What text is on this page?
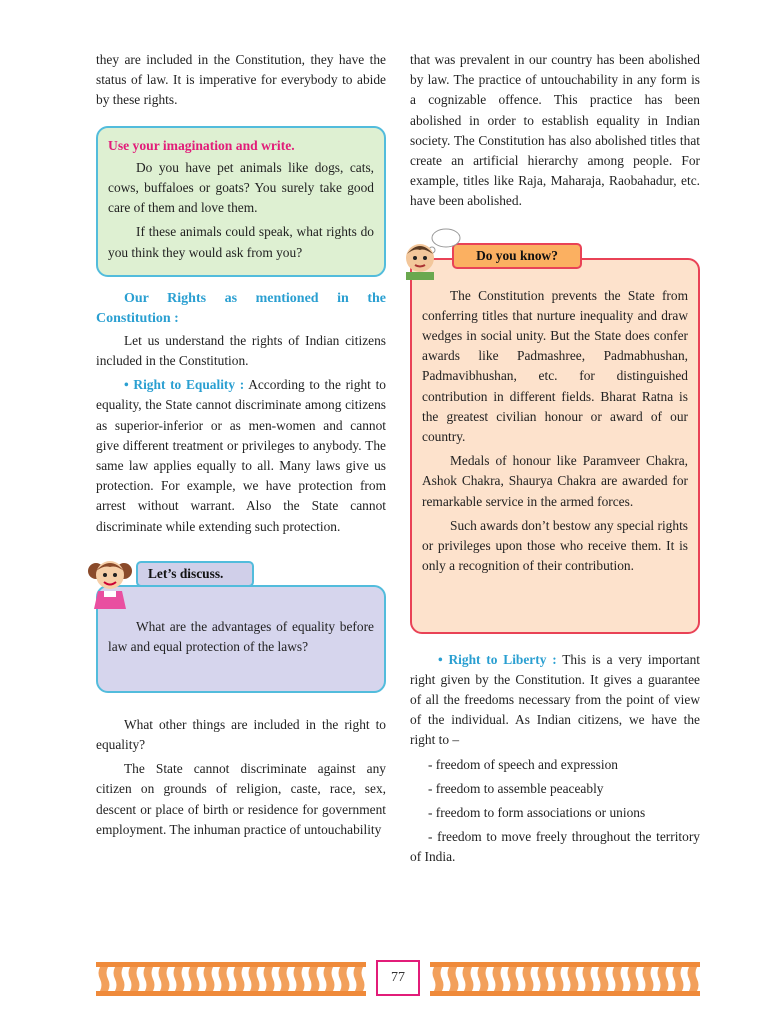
they are included in the Constitution, they have the status of law. It is imperative for everybody to abide by these rights.

Use your imagination and write.

Do you have pet animals like dogs, cats, cows, buffaloes or goats? You surely take good care of them and love them.

If these animals could speak, what rights do you think they would ask from you?

Our Rights as mentioned in the Constitution :

Let us understand the rights of Indian citizens included in the Constitution.

• Right to Equality : According to the right to equality, the State cannot discriminate among citizens as superior-inferior or as men-women and cannot give different treatment or privileges to anybody. The same law applies equally to all. Many laws give us protection. For example, we have protection from arrest without warrant. Also the State cannot discriminate while extending such protection.

Let’s discuss.

What are the advantages of equality before law and equal protection of the laws?

What other things are included in the right to equality?

The State cannot discriminate against any citizen on grounds of religion, caste, race, sex, descent or place of birth or residence for government employment. The inhuman practice of untouchability

that was prevalent in our country has been abolished by law. The practice of untouchability in any form is a cognizable offence. This practice has been abolished in order to establish equality in Indian society. The Constitution has also abolished titles that create an artificial hierarchy among people. For example, titles like Raja, Maharaja, Raobahadur, etc. have been abolished.

Do you know?

The Constitution prevents the State from conferring titles that nurture inequality and draw wedges in social unity. But the State does confer awards like Padmashree, Padmabhushan, Padmavibhushan, etc. for distinguished contribution in different fields. Bharat Ratna is the greatest civilian honour or award of our country.

Medals of honour like Paramveer Chakra, Ashok Chakra, Shaurya Chakra are awarded for remarkable service in the armed forces.

Such awards don’t bestow any special rights or privileges upon those who receive them. It is only a recognition of their contribution.

• Right to Liberty : This is a very important right given by the Constitution. It gives a guarantee of all the freedoms necessary from the point of view of the individual. As Indian citizens, we have the right to –

- freedom of speech and expression

- freedom to assemble peaceably

- freedom to form associations or unions

- freedom to move freely throughout the territory of India.

77
